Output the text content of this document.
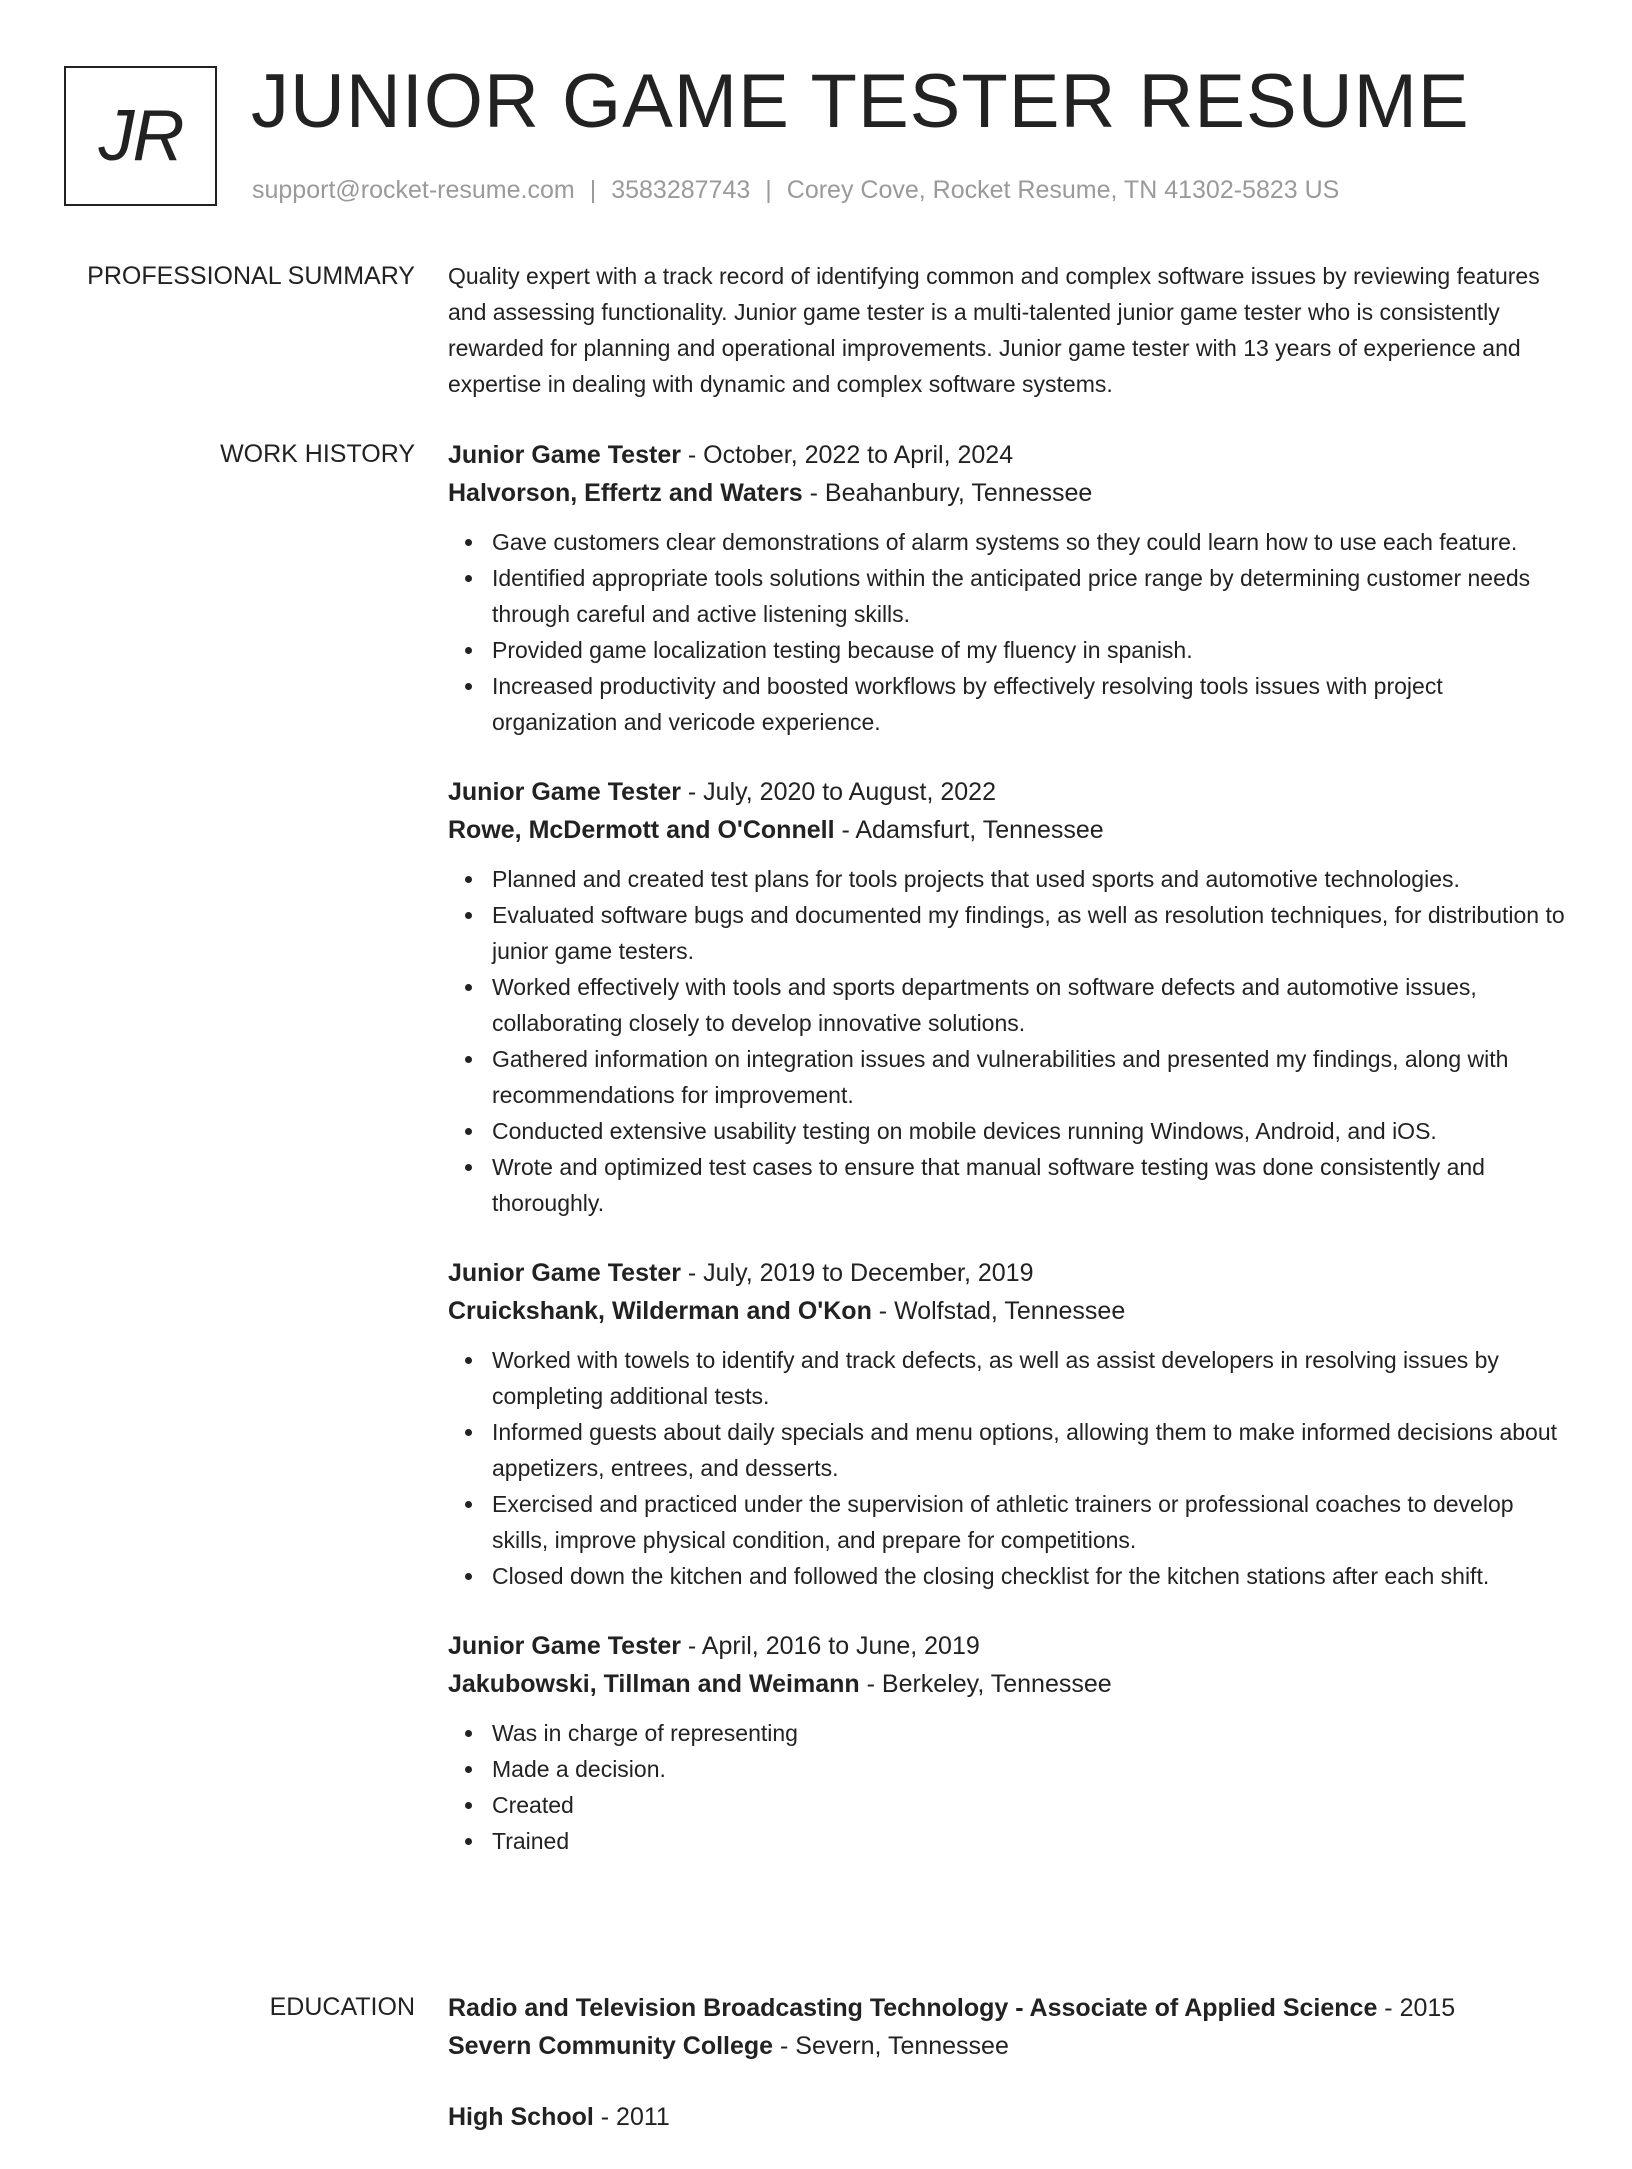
JR JUNIOR GAME TESTER RESUME
support@rocket-resume.com | 3583287743 | Corey Cove, Rocket Resume, TN 41302-5823 US
PROFESSIONAL SUMMARY Quality expert with a track record of identifying common and complex software issues by reviewing features and assessing functionality. Junior game tester is a multi-talented junior game tester who is consistently rewarded for planning and operational improvements. Junior game tester with 13 years of experience and expertise in dealing with dynamic and complex software systems.

WORK HISTORY Junior Game Tester - October, 2022 to April, 2024
Halvorson, Effertz and Waters - Beahanbury, Tennessee
Gave customers clear demonstrations of alarm systems so they could learn how to use each feature.
Identified appropriate tools solutions within the anticipated price range by determining customer needs through careful and active listening skills.
Provided game localization testing because of my fluency in spanish.
Increased productivity and boosted workflows by effectively resolving tools issues with project organization and vericode experience.
Junior Game Tester - July, 2020 to August, 2022
Rowe, McDermott and O'Connell - Adamsfurt, Tennessee
Planned and created test plans for tools projects that used sports and automotive technologies.
Evaluated software bugs and documented my findings, as well as resolution techniques, for distribution to junior game testers.
Worked effectively with tools and sports departments on software defects and automotive issues, collaborating closely to develop innovative solutions.
Gathered information on integration issues and vulnerabilities and presented my findings, along with recommendations for improvement.
Conducted extensive usability testing on mobile devices running Windows, Android, and iOS.
Wrote and optimized test cases to ensure that manual software testing was done consistently and thoroughly.
Junior Game Tester - July, 2019 to December, 2019
Cruickshank, Wilderman and O'Kon - Wolfstad, Tennessee
Worked with towels to identify and track defects, as well as assist developers in resolving issues by completing additional tests.
Informed guests about daily specials and menu options, allowing them to make informed decisions about appetizers, entrees, and desserts.
Exercised and practiced under the supervision of athletic trainers or professional coaches to develop skills, improve physical condition, and prepare for competitions.
Closed down the kitchen and followed the closing checklist for the kitchen stations after each shift.
Junior Game Tester - April, 2016 to June, 2019
Jakubowski, Tillman and Weimann - Berkeley, Tennessee
Was in charge of representing
Made a decision.
Created
Trained
EDUCATION Radio and Television Broadcasting Technology - Associate of Applied Science - 2015
Severn Community College - Severn, Tennessee
High School - 2011
